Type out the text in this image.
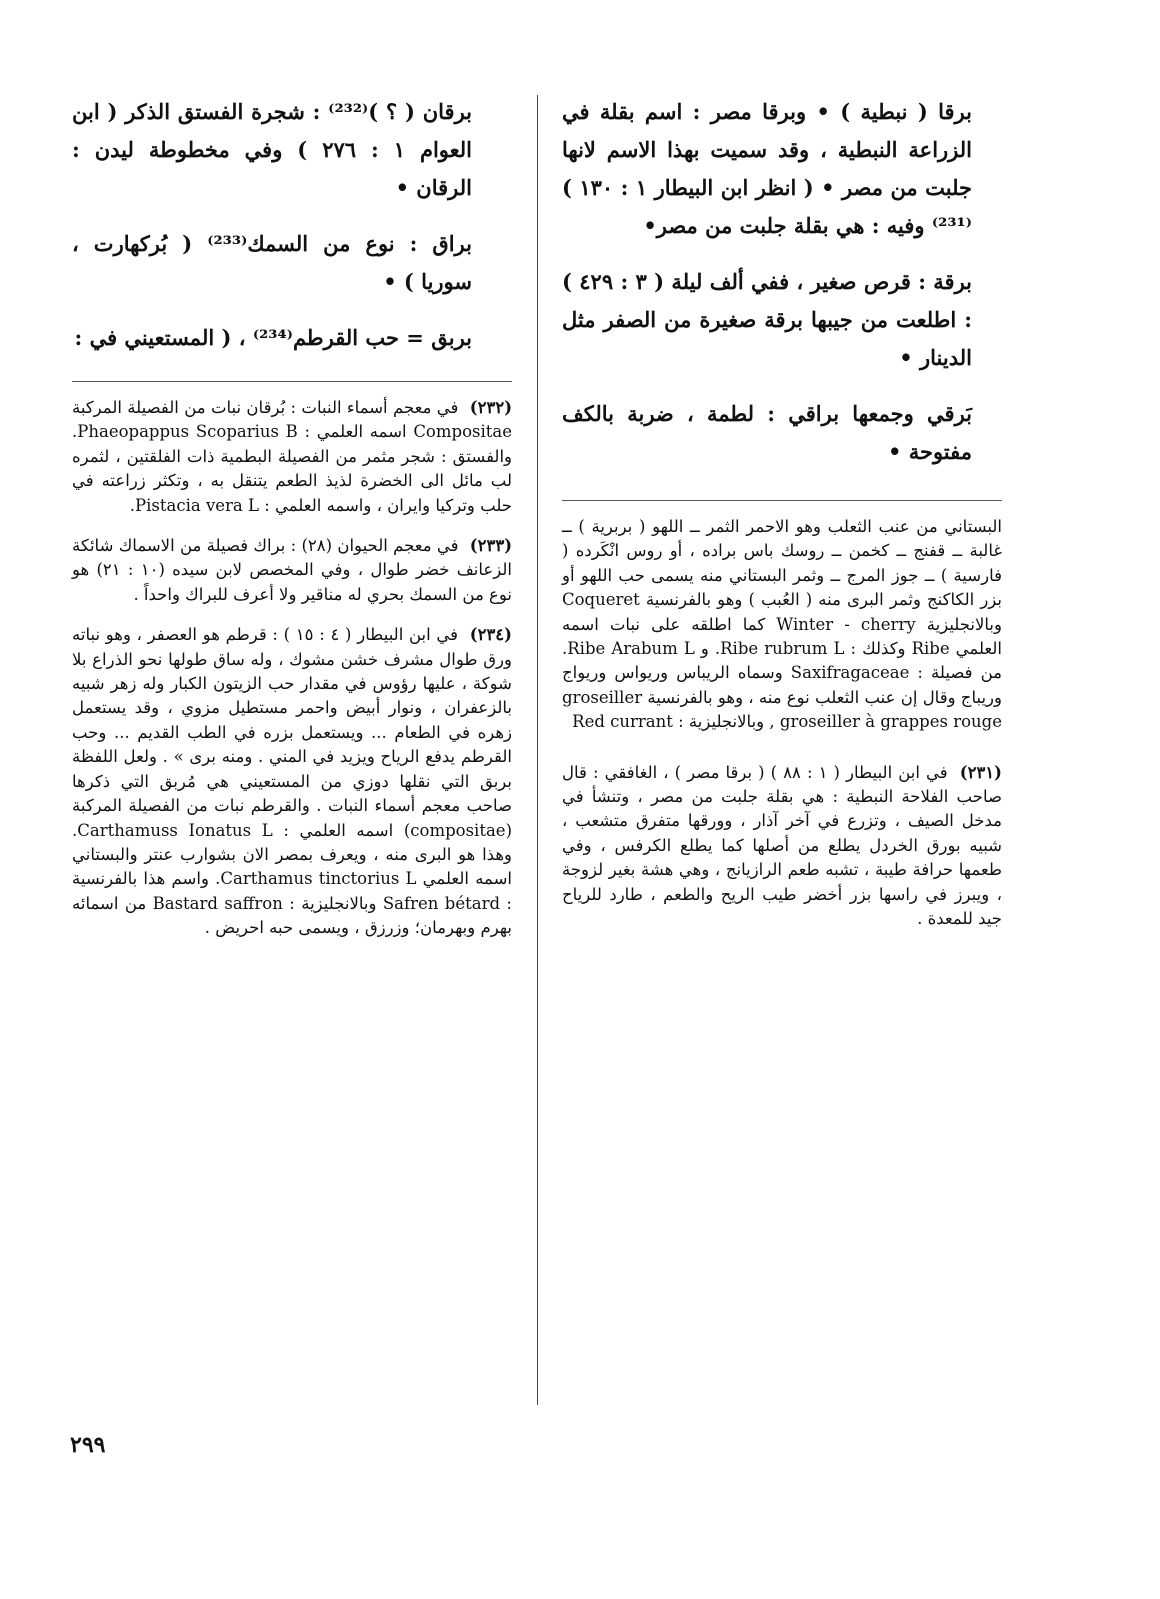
برقان ( ؟ )⁽²³²⁾ : شجرة الفستق الذكر ( ابن العوام ١ : ٢٧٦ ) وفي مخطوطة ليدن : الرقان •

براق : نوع من السمك⁽²³³⁾ ( بُركهارت ، سوريا ) •

بربق = حب القرطم⁽²³⁴⁾ ، ( المستعيني في :

(٢٣٢) في معجم أسماء النبات : بُرقان نبات من الفصيلة المركبة Compositae اسمه العلمي : Phaeopappus Scoparius B. والفستق : شجر مثمر من الفصيلة البطمية ذات الفلقتين ، لثمره لب مائل الى الخضرة لذيذ الطعم يتنقل به ، وتكثر زراعته في حلب وتركيا وايران ، واسمه العلمي : Pistacia vera L.

(٢٣٣) في معجم الحيوان (٢٨) : براك فصيلة من الاسماك شائكة الزعانف خضر طوال ، وفي المخصص لابن سيده (١٠ : ٢١) هو نوع من السمك بحري له مناقير ولا أعرف للبراك واحداً .

(٢٣٤) في ابن البيطار ( ٤ : ١٥ ) : قرطم هو العصفر ، وهو نباته ورق طوال مشرف خشن مشوك ، وله ساق طولها نحو الذراع بلا شوكة ، عليها رؤوس في مقدار حب الزيتون الكبار وله زهر شبيه بالزعفران ، ونوار أبيض واحمر مستطيل مزوي ، وقد يستعمل زهره في الطعام ... ويستعمل بزره في الطب القديم ... وحب القرطم يدفع الرياح ويزيد في المني . ومنه برى » . ولعل اللفظة بربق التي نقلها دوزي من المستعيني هي مُربق التي ذكرها صاحب معجم أسماء النبات . والقرطم نبات من الفصيلة المركبة (compositae) اسمه العلمي : Carthamuss Ionatus L. وهذا هو البرى منه ، ويعرف بمصر الان بشوارب عنتر والبستاني اسمه العلمي Carthamus tinctorius L. واسم هذا بالفرنسية : Safren bétard وبالانجليزية : Bastard saffron من اسمائه بهرم وبهرمان؛ وزرزق ، ويسمى حبه احريض .

برقا ( نبطية ) • وبرقا مصر : اسم بقلة في الزراعة النبطية ، وقد سميت بهذا الاسم لانها جلبت من مصر • ( انظر ابن البيطار ١ : ١٣٠ )⁽²³¹⁾ وفيه : هي بقلة جلبت من مصر•

برقة : قرص صغير ، ففي ألف ليلة ( ٣ : ٤٢٩ ) : اطلعت من جيبها برقة صغيرة من الصفر مثل الدينار •

بَرقي وجمعها براقي : لطمة ، ضربة بالكف مفتوحة •

البستاني من عنب الثعلب وهو الاحمر الثمر ــ اللهو ( بربرية ) ــ غالبة ــ قفنج ــ كخمن ــ روسك باس براده ، أو روس انْكَرده ( فارسية ) ــ جوز المرج ــ وثمر البستاني منه يسمى حب اللهو أو بزر الكاكنج وثمر البرى منه ( العُبب ) وهو بالفرنسية Coqueret وبالانجليزية Winter - cherry كما اطلقه على نبات اسمه العلمي Ribe وكذلك : Ribe rubrum L. و Ribe Arabum L. من فصيلة : Saxifragaceae وسماه الريباس وريواس وريواج وريباج وقال إن عنب الثعلب نوع منه ، وهو بالفرنسية groseiller , groseiller à grappes rouge وبالانجليزية : Red currant

(٢٣١) في ابن البيطار ( ١ : ٨٨ ) ( برقا مصر ) ، الغافقي : قال صاحب الفلاحة النبطية : هي بقلة جلبت من مصر ، وتنشأ في مدخل الصيف ، وتزرع في آخر آذار ، وورقها متفرق متشعب ، شبيه بورق الخردل يطلع من أصلها كما يطلع الكرفس ، وفي طعمها حرافة طيبة ، تشبه طعم الرازيانج ، وهي هشة بغير لزوجة ، ويبرز في راسها بزر أخضر طيب الريح والطعم ، طارد للرياح جيد للمعدة .

٢٩٩
